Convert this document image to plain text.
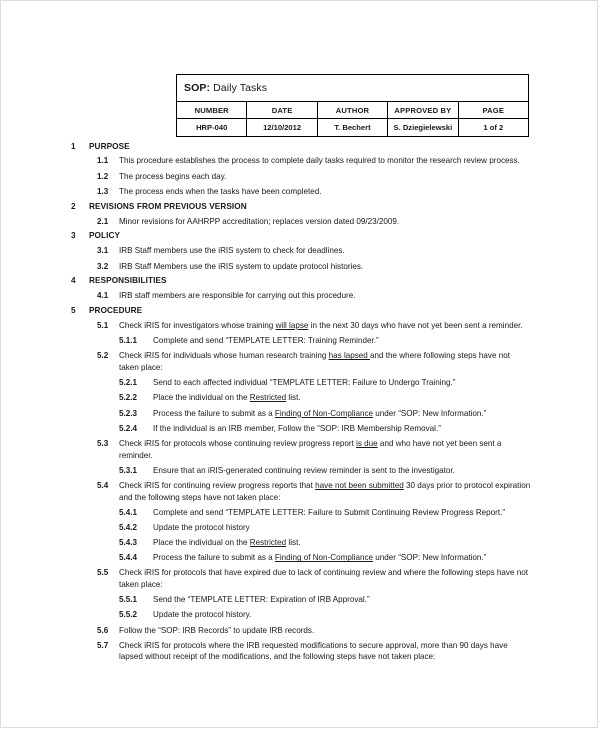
SOP: Daily Tasks				
NUMBER	DATE	AUTHOR	APPROVED BY	PAGE
HRP-040	12/10/2012	T. Bechert	S. Dziegielewski	1 of 2
1	PURPOSE
1.1	This procedure establishes the process to complete daily tasks required to monitor the research review process.
1.2	The process begins each day.
1.3	The process ends when the tasks have been completed.
2	REVISIONS FROM PREVIOUS VERSION
2.1	Minor revisions for AAHRPP accreditation; replaces version dated 09/23/2009.
3	POLICY
3.1	IRB Staff members use the iRIS system to check for deadlines.
3.2	IRB Staff Members use the iRIS system to update protocol histories.
4	RESPONSIBILITIES
4.1	IRB staff members are responsible for carrying out this procedure.
5	PROCEDURE
5.1	Check iRIS for investigators whose training will lapse in the next 30 days who have not yet been sent a reminder.
5.1.1	Complete and send “TEMPLATE LETTER: Training Reminder.”
5.2	Check iRIS for individuals whose human research training has lapsed and the where following steps have not taken place:
5.2.1	Send to each affected individual “TEMPLATE LETTER: Failure to Undergo Training.”
5.2.2	Place the individual on the Restricted list.
5.2.3	Process the failure to submit as a Finding of Non-Compliance under “SOP: New Information.”
5.2.4	If the individual is an IRB member, Follow the “SOP: IRB Membership Removal.”
5.3	Check iRIS for protocols whose continuing review progress report is due and who have not yet been sent a reminder.
5.3.1	Ensure that an iRIS-generated continuing review reminder is sent to the investigator.
5.4	Check iRIS for continuing review progress reports that have not been submitted 30 days prior to protocol expiration and the following steps have not taken place:
5.4.1	Complete and send “TEMPLATE LETTER: Failure to Submit Continuing Review Progress Report.”
5.4.2	Update the protocol history
5.4.3	Place the individual on the Restricted list.
5.4.4	Process the failure to submit as a Finding of Non-Compliance under “SOP: New Information.”
5.5	Check iRIS for protocols that have expired due to lack of continuing review and where the following steps have not taken place:
5.5.1	Send the “TEMPLATE LETTER: Expiration of IRB Approval.”
5.5.2	Update the protocol history.
5.6	Follow the “SOP: IRB Records” to update IRB records.
5.7	Check iRIS for protocols where the IRB requested modifications to secure approval, more than 90 days have lapsed without receipt of the modifications, and the following steps have not taken place:
